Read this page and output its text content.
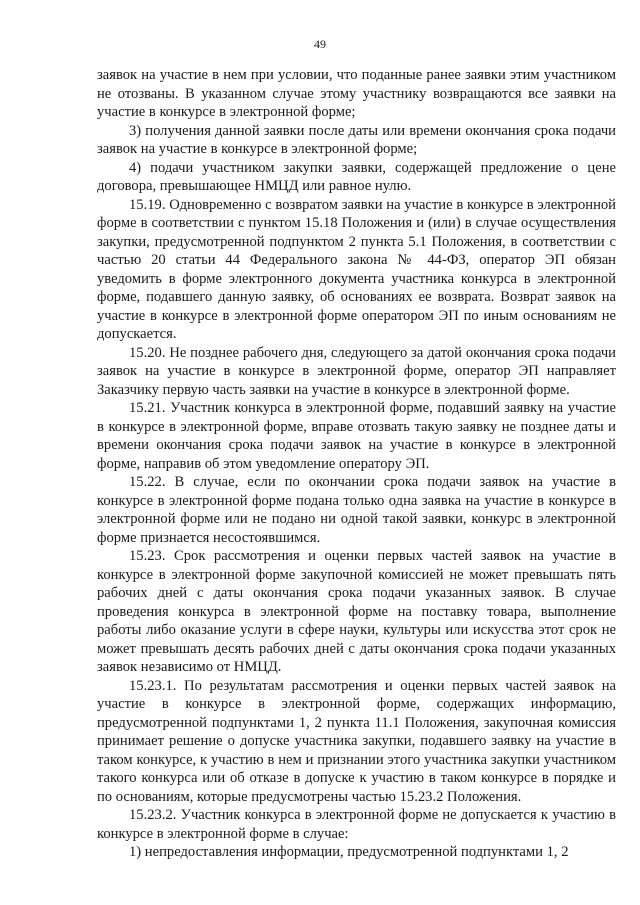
49

заявок на участие в нем при условии, что поданные ранее заявки этим участником не отозваны. В указанном случае этому участнику возвращаются все заявки на участие в конкурсе в электронной форме;

3) получения данной заявки после даты или времени окончания срока подачи заявок на участие в конкурсе в электронной форме;

4) подачи участником закупки заявки, содержащей предложение о цене договора, превышающее НМЦД или равное нулю.

15.19. Одновременно с возвратом заявки на участие в конкурсе в электронной форме в соответствии с пунктом 15.18 Положения и (или) в случае осуществления закупки, предусмотренной подпунктом 2 пункта 5.1 Положения, в соответствии с частью 20 статьи 44 Федерального закона № 44-ФЗ, оператор ЭП обязан уведомить в форме электронного документа участника конкурса в электронной форме, подавшего данную заявку, об основаниях ее возврата. Возврат заявок на участие в конкурсе в электронной форме оператором ЭП по иным основаниям не допускается.

15.20. Не позднее рабочего дня, следующего за датой окончания срока подачи заявок на участие в конкурсе в электронной форме, оператор ЭП направляет Заказчику первую часть заявки на участие в конкурсе в электронной форме.

15.21. Участник конкурса в электронной форме, подавший заявку на участие в конкурсе в электронной форме, вправе отозвать такую заявку не позднее даты и времени окончания срока подачи заявок на участие в конкурсе в электронной форме, направив об этом уведомление оператору ЭП.

15.22. В случае, если по окончании срока подачи заявок на участие в конкурсе в электронной форме подана только одна заявка на участие в конкурсе в электронной форме или не подано ни одной такой заявки, конкурс в электронной форме признается несостоявшимся.

15.23. Срок рассмотрения и оценки первых частей заявок на участие в конкурсе в электронной форме закупочной комиссией не может превышать пять рабочих дней с даты окончания срока подачи указанных заявок. В случае проведения конкурса в электронной форме на поставку товара, выполнение работы либо оказание услуги в сфере науки, культуры или искусства этот срок не может превышать десять рабочих дней с даты окончания срока подачи указанных заявок независимо от НМЦД.

15.23.1. По результатам рассмотрения и оценки первых частей заявок на участие в конкурсе в электронной форме, содержащих информацию, предусмотренной подпунктами 1, 2 пункта 11.1 Положения, закупочная комиссия принимает решение о допуске участника закупки, подавшего заявку на участие в таком конкурсе, к участию в нем и признании этого участника закупки участником такого конкурса или об отказе в допуске к участию в таком конкурсе в порядке и по основаниям, которые предусмотрены частью 15.23.2 Положения.

15.23.2. Участник конкурса в электронной форме не допускается к участию в конкурсе в электронной форме в случае:

1) непредоставления информации, предусмотренной подпунктами 1, 2
